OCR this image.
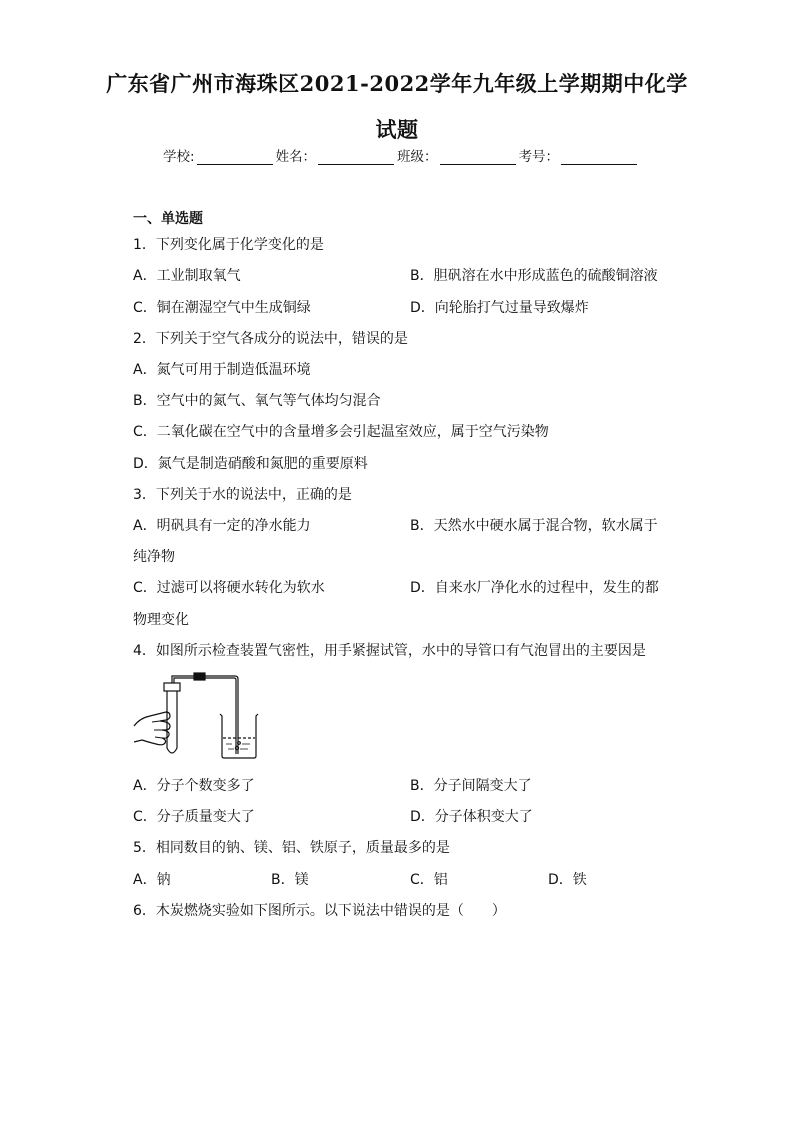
广东省广州市海珠区2021-2022学年九年级上学期期中化学
试题
学校:	姓名：	班级：	考号：
一、单选题
1．下列变化属于化学变化的是
A．工业制取氧气	B．胆矾溶在水中形成蓝色的硫酸铜溶液
C．铜在潮湿空气中生成铜绿	D．向轮胎打气过量导致爆炸
2．下列关于空气各成分的说法中，错误的是
A．氮气可用于制造低温环境
B．空气中的氮气、氧气等气体均匀混合
C．二氧化碳在空气中的含量增多会引起温室效应，属于空气污染物
D．氮气是制造硝酸和氮肥的重要原料
3．下列关于水的说法中，正确的是
A．明矾具有一定的净水能力	B．天然水中硬水属于混合物，软水属于
纯净物
C．过滤可以将硬水转化为软水	D．自来水厂净化水的过程中，发生的都
物理变化
4．如图所示检查装置气密性，用手紧握试管，水中的导管口有气泡冒出的主要因是
A．分子个数变多了	B．分子间隔变大了
C．分子质量变大了	D．分子体积变大了
5．相同数目的钠、镁、铝、铁原子，质量最多的是
A．钠	B．镁	C．铝	D．铁
6．木炭燃烧实验如下图所示。以下说法中错误的是（　　）
